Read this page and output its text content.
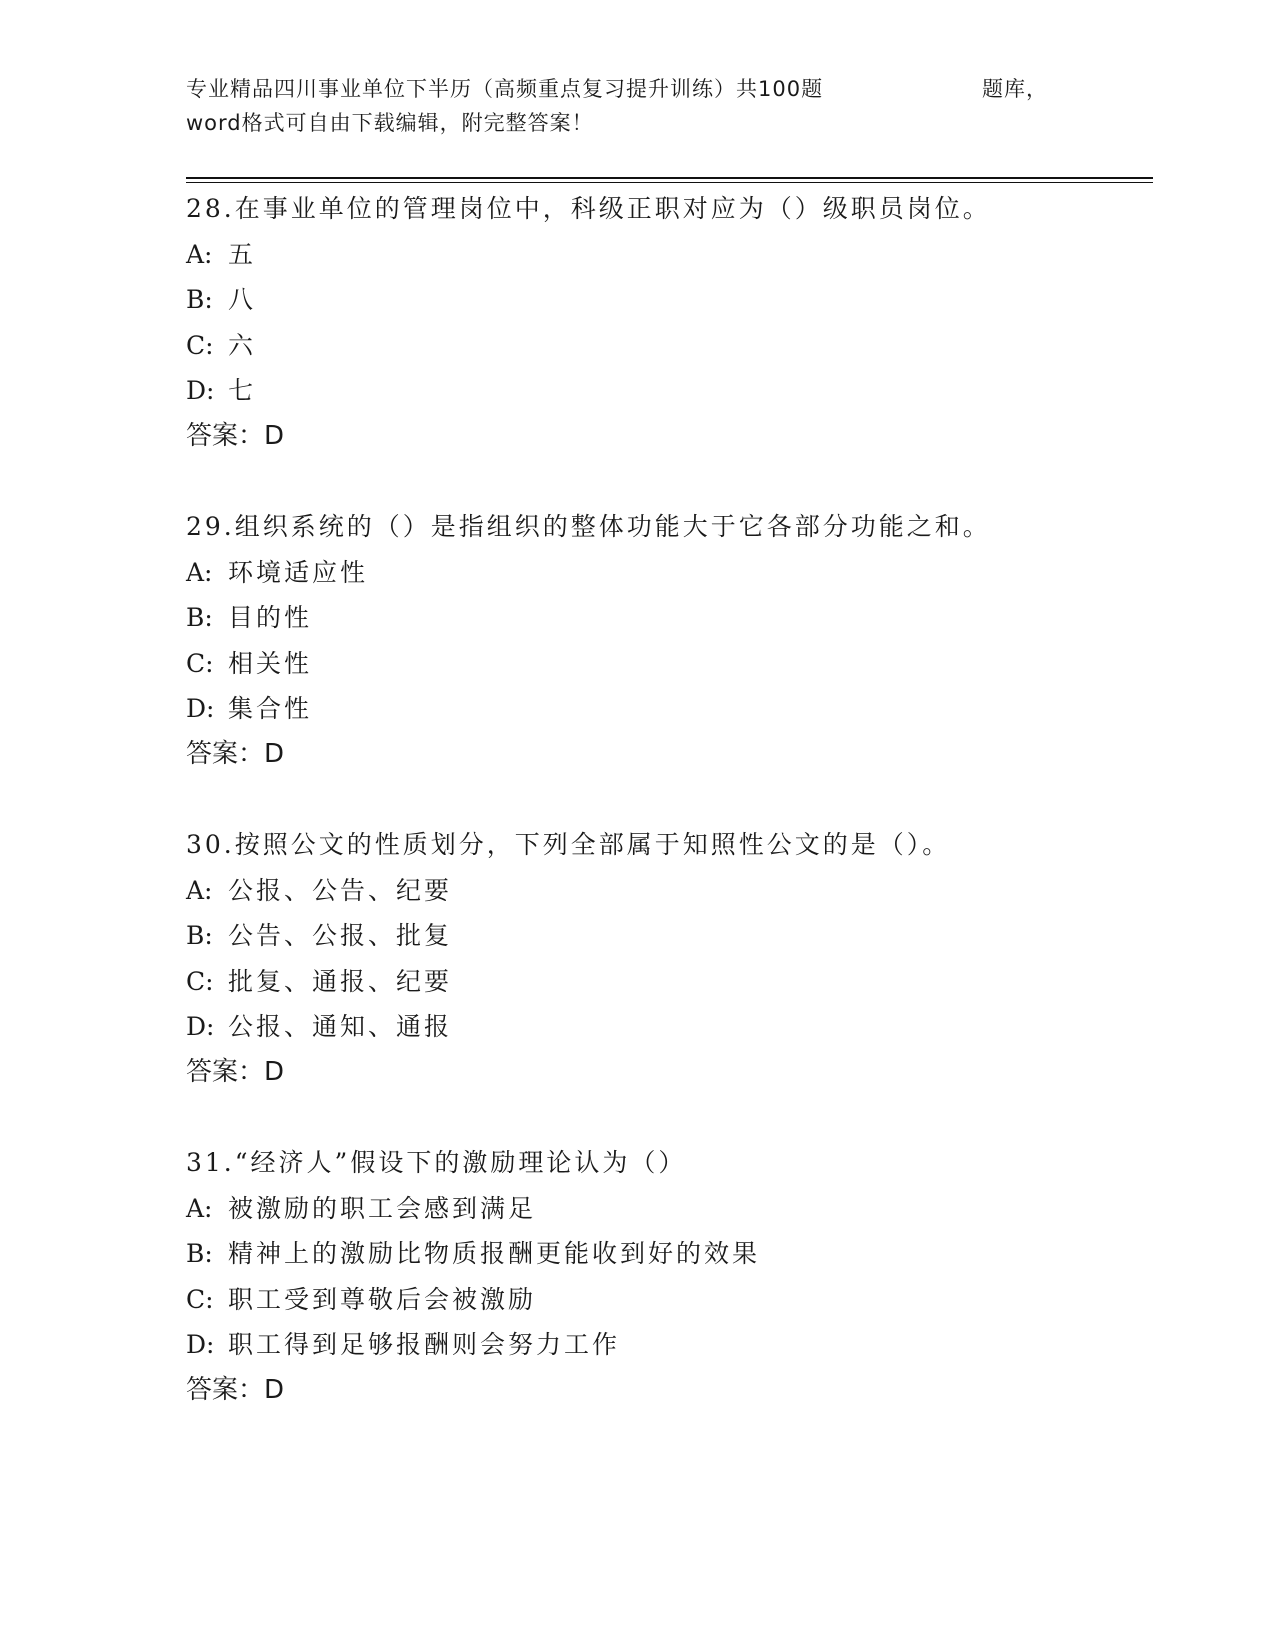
专业精品四川事业单位下半历（高频重点复习提升训练）共100题	题库，
word格式可自由下载编辑，附完整答案！
28.在事业单位的管理岗位中，科级正职对应为（）级职员岗位。
A: 五
B: 八
C: 六
D: 七
答案：D
29.组织系统的（）是指组织的整体功能大于它各部分功能之和。
A: 环境适应性
B: 目的性
C: 相关性
D: 集合性
答案：D
30.按照公文的性质划分，下列全部属于知照性公文的是（）。
A: 公报、公告、纪要
B: 公告、公报、批复
C: 批复、通报、纪要
D: 公报、通知、通报
答案：D
31.“经济人”假设下的激励理论认为（）
A: 被激励的职工会感到满足
B: 精神上的激励比物质报酬更能收到好的效果
C: 职工受到尊敬后会被激励
D: 职工得到足够报酬则会努力工作
答案：D
